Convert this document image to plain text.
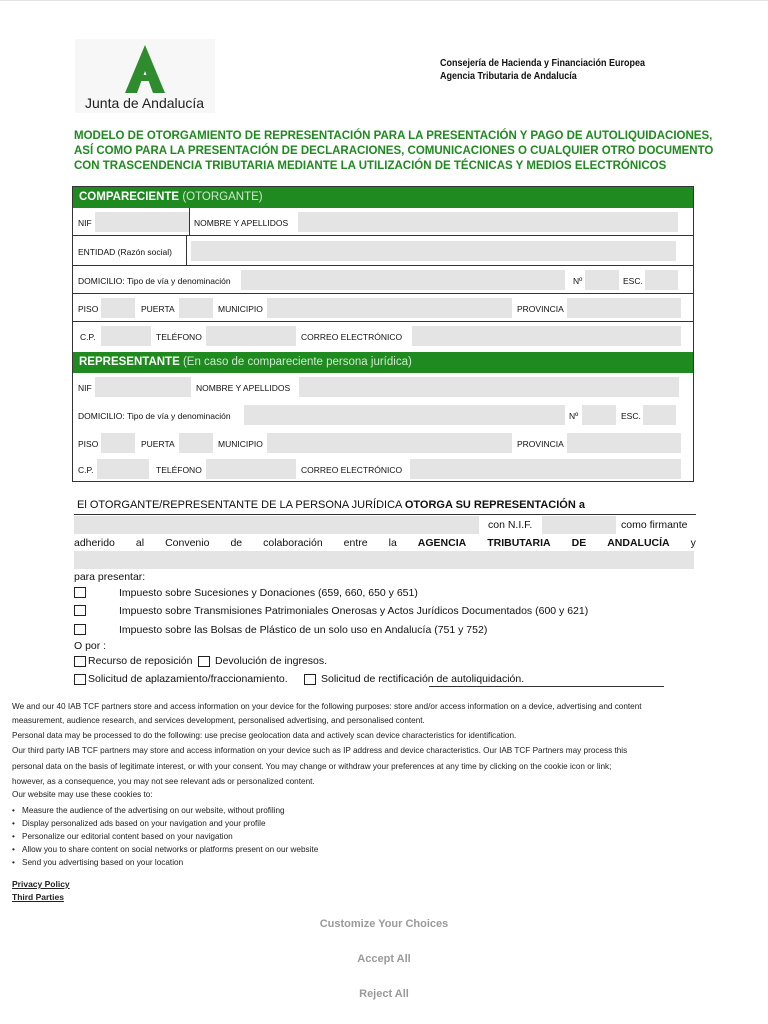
Junta de Andalucía
Consejería de Hacienda y Financiación Europea
Agencia Tributaria de Andalucía
MODELO DE OTORGAMIENTO DE REPRESENTACIÓN PARA LA PRESENTACIÓN Y PAGO DE AUTOLIQUIDACIONES,
ASÍ COMO PARA LA PRESENTACIÓN DE DECLARACIONES, COMUNICACIONES O CUALQUIER OTRO DOCUMENTO
CON TRASCENDENCIA TRIBUTARIA MEDIANTE LA UTILIZACIÓN DE TÉCNICAS Y MEDIOS ELECTRÓNICOS
COMPARECIENTE (OTORGANTE)
NIF	NOMBRE Y APELLIDOS
ENTIDAD (Razón social)
DOMICILIO: Tipo de vía y denominación	Nº	ESC.
PISO	PUERTA	MUNICIPIO	PROVINCIA
C.P.	TELÉFONO	CORREO ELECTRÓNICO
REPRESENTANTE (En caso de compareciente persona jurídica)
NIF	NOMBRE Y APELLIDOS
DOMICILIO: Tipo de vía y denominación	Nº	ESC.
PISO	PUERTA	MUNICIPIO	PROVINCIA
C.P.	TELÉFONO	CORREO ELECTRÓNICO
El OTORGANTE/REPRESENTANTE DE LA PERSONA JURÍDICA OTORGA SU REPRESENTACIÓN a
con N.I.F.	como firmante
adherido al Convenio de colaboración entre la AGENCIA TRIBUTARIA DE ANDALUCÍA y
para presentar:
Impuesto sobre Sucesiones y Donaciones (659, 660, 650 y 651)
Impuesto sobre Transmisiones Patrimoniales Onerosas y Actos Jurídicos Documentados (600 y 621)
Impuesto sobre las Bolsas de Plástico de un solo uso en Andalucía (751 y 752)
O por :
Recurso de reposición Devolución de ingresos.
Solicitud de aplazamiento/fraccionamiento.	Solicitud de rectificación de autoliquidación.

We and our 40 IAB TCF partners store and access information on your device for the following purposes: store and/or access information on a device, advertising and content

measurement, audience research, and services development, personalised advertising, and personalised content.

Personal data may be processed to do the following: use precise geolocation data and actively scan device characteristics for identification.

Our third party IAB TCF partners may store and access information on your device such as IP address and device characteristics. Our IAB TCF Partners may process this

personal data on the basis of legitimate interest, or with your consent. You may change or withdraw your preferences at any time by clicking on the cookie icon or link;

however, as a consequence, you may not see relevant ads or personalized content.

Our website may use these cookies to:

• Measure the audience of the advertising on our website, without profiling
• Display personalized ads based on your navigation and your profile
• Personalize our editorial content based on your navigation
• Allow you to share content on social networks or platforms present on our website
• Send you advertising based on your location
Privacy Policy
Third Parties
Customize Your Choices
Accept All
Reject All
